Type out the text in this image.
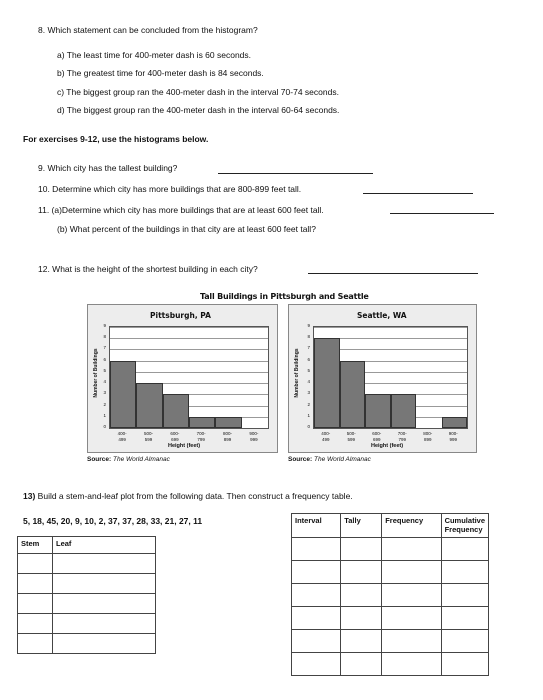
8. Which statement can be concluded from the histogram?
a) The least time for 400-meter dash is 60 seconds.
b) The greatest time for 400-meter dash is 84 seconds.
c) The biggest group ran the 400-meter dash in the interval 70-74 seconds.
d) The biggest group ran the 400-meter dash in the interval 60-64 seconds.
For exercises 9-12, use the histograms below.
9. Which city has the tallest building?
10. Determine which city has more buildings that are 800-899 feet tall.
11. (a)Determine which city has more buildings that are at least 600 feet tall.
(b) What percent of the buildings in that city are at least 600 feet tall?
12. What is the height of the shortest building in each city?
Tall Buildings in Pittsburgh and Seattle
Pittsburgh, PA
Number of Buildings
0
1
2
3
4
5
6
7
8
9
400-
499
500-
599
600-
699
700-
799
800-
899
900-
999
Height (feet)
Source: The World Almanac
Seattle, WA
Number of Buildings
0
1
2
3
4
5
6
7
8
9
400-
499
500-
599
600-
699
700-
799
800-
899
900-
999
Height (feet)
Source: The World Almanac
13) Build a stem-and-leaf plot from the following data. Then construct a frequency table.
5, 18, 45, 20, 9, 10, 2, 37, 37, 28, 33, 21, 27, 11
Stem	Leaf

Interval	Tally	Frequency	Cumulative Frequency
